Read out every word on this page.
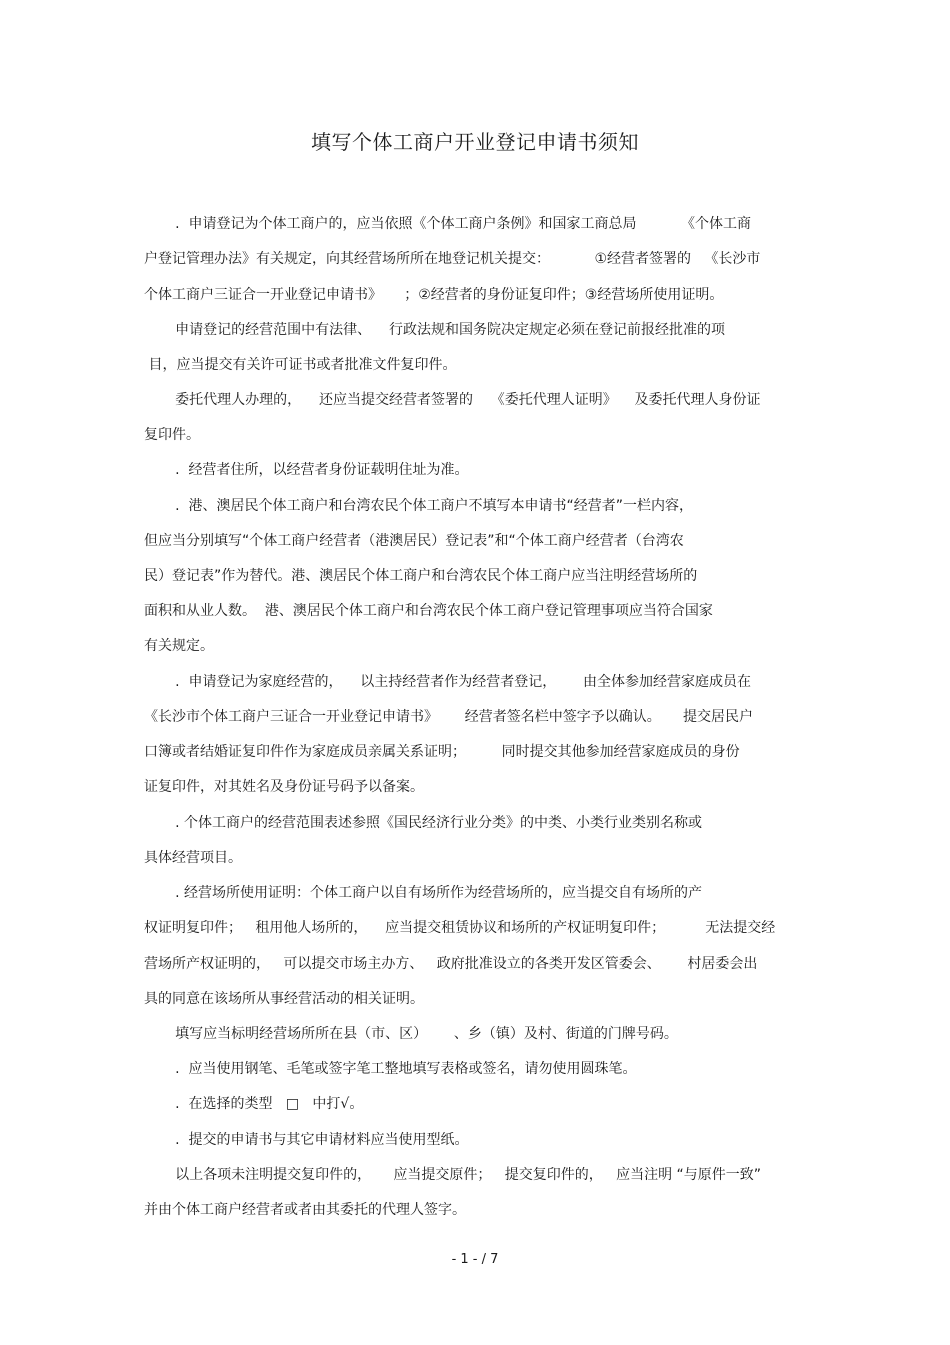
填写个体工商户开业登记申请书须知
.  申请登记为个体工商户的，应当依照《个体工商户条例》和国家工商总局          《个体工商
户登记管理办法》有关规定，向其经营场所所在地登记机关提交：          ①经营者签署的   《长沙市
个体工商户三证合一开业登记申请书》     ；②经营者的身份证复印件；③经营场所使用证明。
申请登记的经营范围中有法律、    行政法规和国务院决定规定必须在登记前报经批准的项
目，应当提交有关许可证书或者批准文件复印件。
委托代理人办理的，    还应当提交经营者签署的    《委托代理人证明》    及委托代理人身份证
复印件。
.  经营者住所，以经营者身份证载明住址为准。
.  港、澳居民个体工商户和台湾农民个体工商户不填写本申请书“经营者”一栏内容，
但应当分别填写“个体工商户经营者（港澳居民）登记表”和“个体工商户经营者（台湾农
民）登记表”作为替代。港、澳居民个体工商户和台湾农民个体工商户应当注明经营场所的
面积和从业人数。  港、澳居民个体工商户和台湾农民个体工商户登记管理事项应当符合国家
有关规定。
.  申请登记为家庭经营的，    以主持经营者作为经营者登记，      由全体参加经营家庭成员在
《长沙市个体工商户三证合一开业登记申请书》      经营者签名栏中签字予以确认。     提交居民户
口簿或者结婚证复印件作为家庭成员亲属关系证明；        同时提交其他参加经营家庭成员的身份
证复印件，对其姓名及身份证号码予以备案。
. 个体工商户的经营范围表述参照《国民经济行业分类》的中类、小类行业类别名称或
具体经营项目。
. 经营场所使用证明：个体工商户以自有场所作为经营场所的，应当提交自有场所的产
权证明复印件；   租用他人场所的，    应当提交租赁协议和场所的产权证明复印件；         无法提交经
营场所产权证明的，   可以提交市场主办方、   政府批准设立的各类开发区管委会、      村居委会出
具的同意在该场所从事经营活动的相关证明。
填写应当标明经营场所所在县（市、区）      、乡（镇）及村、街道的门牌号码。
.  应当使用钢笔、毛笔或签字笔工整地填写表格或签名，请勿使用圆珠笔。
.  在选择的类型   □   中打√。
.  提交的申请书与其它申请材料应当使用型纸。
以上各项未注明提交复印件的，     应当提交原件；   提交复印件的，   应当注明 “与原件一致”
并由个体工商户经营者或者由其委托的代理人签字。
- 1 - / 7
